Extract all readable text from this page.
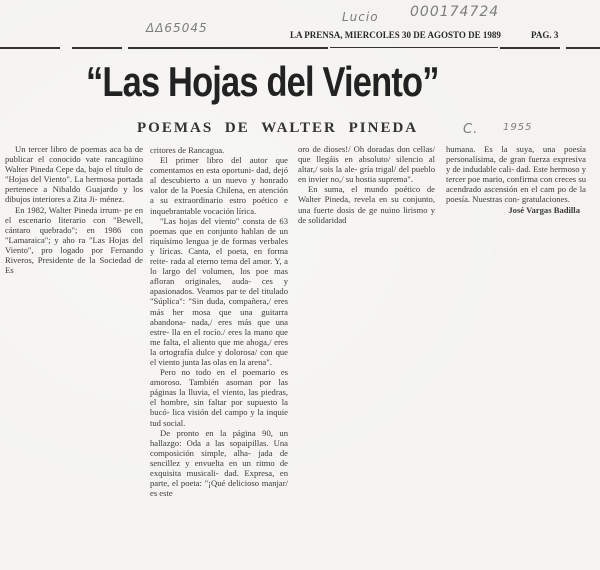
ΔΔ65045
Lucio 000174724
C. 1955
LA PRENSA, MIERCOLES 30 DE AGOSTO DE 1989	PAG. 3
“Las Hojas del Viento”
POEMAS DE WALTER PINEDA

Un tercer libro de poemas aca ba de publicar el conocido vate rancagüino Walter Pineda Cepe da, bajo el título de "Hojas del Viento". La hermosa portada pertenece a Nibaldo Guajardo y los dibujos interiores a Zita Ji- ménez.

En 1982, Walter Pineda irrum- pe en el escenario literario con "Bewell, cántaro quebrado"; en 1986 con "Lamaraica"; y aho ra "Las Hojas del Viento", pro logado por Fernando Riveros, Presidente de la Sociedad de Es

critores de Rancagua.

El primer libro del autor que comentamos en esta oportuni- dad, dejó al descubierto a un nuevo y honrado valor de la Poesía Chilena, en atención a su extraordinario estro poético e inquebrantable vocación lírica.

"Las hojas del viento" consta de 63 poemas que en conjunto hablan de un riquísimo lengua je de formas verbales y líricas. Canta, el poeta, en forma reite- rada al eterno tema del amor. Y, a lo largo del volumen, los poe mas afloran originales, auda- ces y apasionados. Veamos par te del titulado "Súplica": "Sin duda, compañera,/ eres más her mosa que una guitarra abandona- nada,/ eres más que una estre- lla en el rocío./ eres la mano que me falta, el aliento que me ahoga,/ eres la ortografía dulce y dolorosa/ con que el viento junta las olas en la arena".

Pero no todo en el poemario es amoroso. También asoman por las páginas la lluvia, el viento, las piedras, el hombre, sin faltar por supuesto la bucó- lica visión del campo y la inquie tud social.

De pronto en la página 90, un hallazgo: Oda a las sopaipillas. Una composición simple, alha- jada de sencillez y envuelta en un ritmo de exquisita musicali- dad. Expresa, en parte, el poeta: "¡Qué delicioso manjar/ es este

oro de dioses!/ Oh doradas don cellas/ que llegáis en absoluto/ silencio al altar,/ sois la ale- gría trigal/ del pueblo en invier no,/ su hostia suprema".

En suma, el mundo poético de Walter Pineda, revela en su conjunto, una fuerte dosis de ge nuino lirismo y de solidaridad

humana. Es la suya, una poesía personalísima, de gran fuerza expresiva y de indudable cali- dad. Este hermoso y tercer poe mario, confirma con creces su acendrado ascensión en el cam po de la poesía. Nuestras con- gratulaciones.

José Vargas Badilla
